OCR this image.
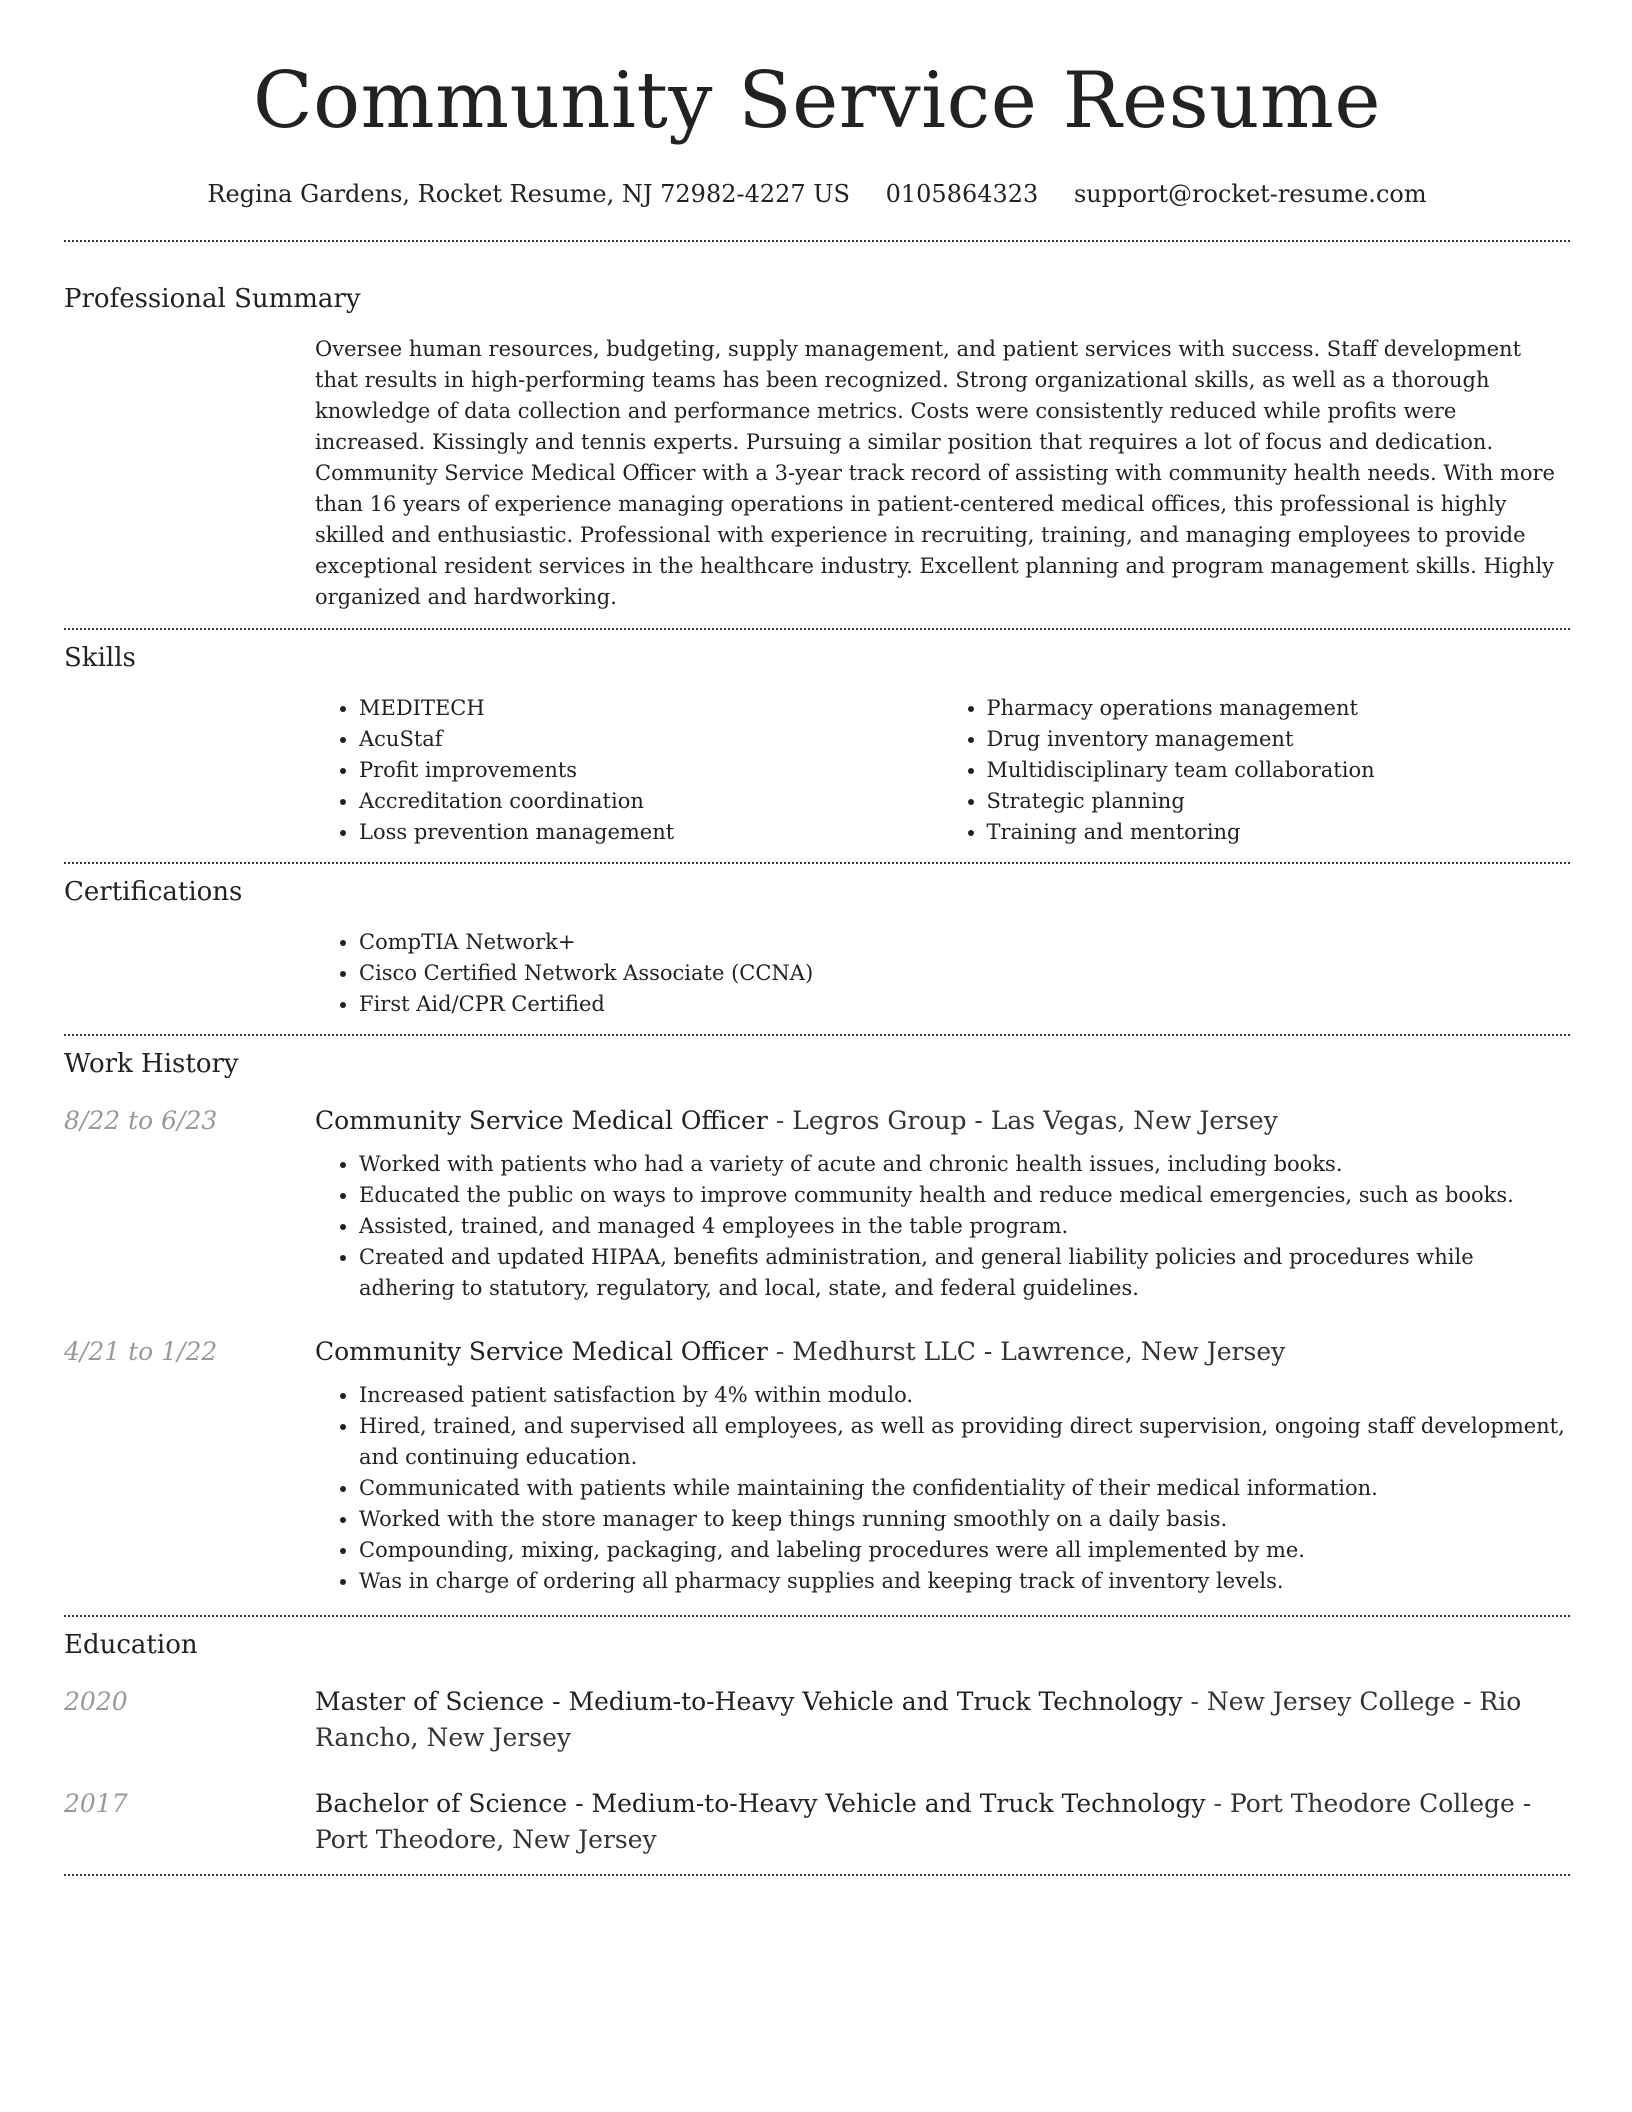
Community Service Resume
Regina Gardens, Rocket Resume, NJ 72982-4227 US 0105864323 support@rocket-resume.com
Professional Summary
Oversee human resources, budgeting, supply management, and patient services with success. Staff development that results in high-performing teams has been recognized. Strong organizational skills, as well as a thorough knowledge of data collection and performance metrics. Costs were consistently reduced while profits were increased. Kissingly and tennis experts. Pursuing a similar position that requires a lot of focus and dedication. Community Service Medical Officer with a 3-year track record of assisting with community health needs. With more than 16 years of experience managing operations in patient-centered medical offices, this professional is highly skilled and enthusiastic. Professional with experience in recruiting, training, and managing employees to provide exceptional resident services in the healthcare industry. Excellent planning and program management skills. Highly organized and hardworking.
Skills
• MEDITECH
• AcuStaf
• Profit improvements
• Accreditation coordination
• Loss prevention management
• Pharmacy operations management
• Drug inventory management
• Multidisciplinary team collaboration
• Strategic planning
• Training and mentoring
Certifications
• CompTIA Network+
• Cisco Certified Network Associate (CCNA)
• First Aid/CPR Certified
Work History
8/22 to 6/23	Community Service Medical Officer - Legros Group - Las Vegas, New Jersey
• Worked with patients who had a variety of acute and chronic health issues, including books.
• Educated the public on ways to improve community health and reduce medical emergencies, such as books.
• Assisted, trained, and managed 4 employees in the table program.
• Created and updated HIPAA, benefits administration, and general liability policies and procedures while adhering to statutory, regulatory, and local, state, and federal guidelines.
4/21 to 1/22	Community Service Medical Officer - Medhurst LLC - Lawrence, New Jersey
• Increased patient satisfaction by 4% within modulo.
• Hired, trained, and supervised all employees, as well as providing direct supervision, ongoing staff development, and continuing education.
• Communicated with patients while maintaining the confidentiality of their medical information.
• Worked with the store manager to keep things running smoothly on a daily basis.
• Compounding, mixing, packaging, and labeling procedures were all implemented by me.
• Was in charge of ordering all pharmacy supplies and keeping track of inventory levels.
Education
2020	Master of Science - Medium-to-Heavy Vehicle and Truck Technology - New Jersey College - Rio Rancho, New Jersey
2017	Bachelor of Science - Medium-to-Heavy Vehicle and Truck Technology - Port Theodore College - Port Theodore, New Jersey
